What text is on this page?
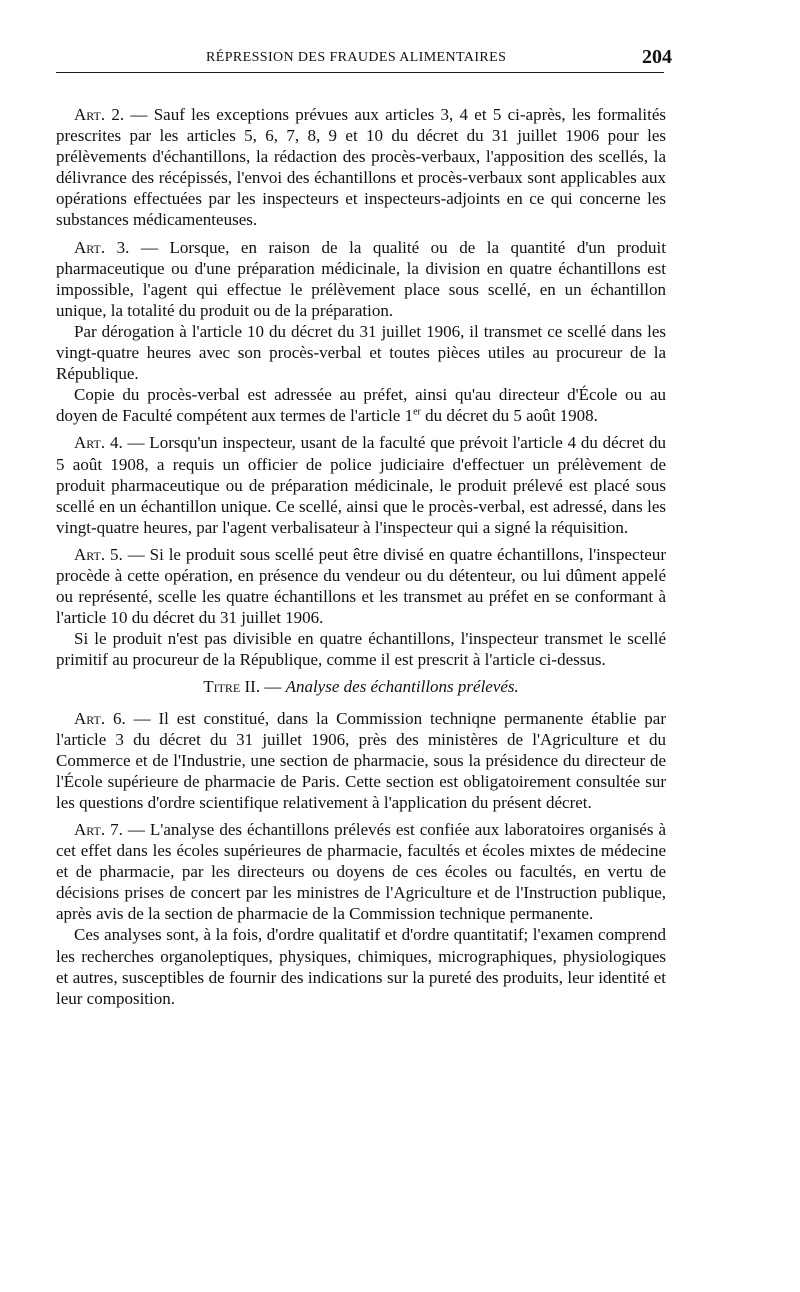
RÉPRESSION DES FRAUDES ALIMENTAIRES	204

Art. 2. — Sauf les exceptions prévues aux articles 3, 4 et 5 ci-après, les formalités prescrites par les articles 5, 6, 7, 8, 9 et 10 du décret du 31 juillet 1906 pour les prélèvements d'échantillons, la rédaction des procès-verbaux, l'apposition des scellés, la délivrance des récépissés, l'envoi des échantillons et procès-verbaux sont applicables aux opérations effectuées par les inspecteurs et inspecteurs-adjoints en ce qui concerne les substances médicamenteuses.

Art. 3. — Lorsque, en raison de la qualité ou de la quantité d'un produit pharmaceutique ou d'une préparation médicinale, la division en quatre échantillons est impossible, l'agent qui effectue le prélèvement place sous scellé, en un échantillon unique, la totalité du produit ou de la préparation.

Par dérogation à l'article 10 du décret du 31 juillet 1906, il transmet ce scellé dans les vingt-quatre heures avec son procès-verbal et toutes pièces utiles au procureur de la République.

Copie du procès-verbal est adressée au préfet, ainsi qu'au directeur d'École ou au doyen de Faculté compétent aux termes de l'article 1er du décret du 5 août 1908.

Art. 4. — Lorsqu'un inspecteur, usant de la faculté que prévoit l'article 4 du décret du 5 août 1908, a requis un officier de police judiciaire d'effectuer un prélèvement de produit pharmaceutique ou de préparation médicinale, le produit prélevé est placé sous scellé en un échantillon unique. Ce scellé, ainsi que le procès-verbal, est adressé, dans les vingt-quatre heures, par l'agent verbalisateur à l'inspecteur qui a signé la réquisition.

Art. 5. — Si le produit sous scellé peut être divisé en quatre échantillons, l'inspecteur procède à cette opération, en présence du vendeur ou du détenteur, ou lui dûment appelé ou représenté, scelle les quatre échantillons et les transmet au préfet en se conformant à l'article 10 du décret du 31 juillet 1906.

Si le produit n'est pas divisible en quatre échantillons, l'inspecteur transmet le scellé primitif au procureur de la République, comme il est prescrit à l'article ci-dessus.

Titre II. — Analyse des échantillons prélevés.

Art. 6. — Il est constitué, dans la Commission techniqne permanente établie par l'article 3 du décret du 31 juillet 1906, près des ministères de l'Agriculture et du Commerce et de l'Industrie, une section de pharmacie, sous la présidence du directeur de l'École supérieure de pharmacie de Paris. Cette section est obligatoirement consultée sur les questions d'ordre scientifique relativement à l'application du présent décret.

Art. 7. — L'analyse des échantillons prélevés est confiée aux laboratoires organisés à cet effet dans les écoles supérieures de pharmacie, facultés et écoles mixtes de médecine et de pharmacie, par les directeurs ou doyens de ces écoles ou facultés, en vertu de décisions prises de concert par les ministres de l'Agriculture et de l'Instruction publique, après avis de la section de pharmacie de la Commission technique permanente.

Ces analyses sont, à la fois, d'ordre qualitatif et d'ordre quantitatif; l'examen comprend les recherches organoleptiques, physiques, chimiques, micrographiques, physiologiques et autres, susceptibles de fournir des indications sur la pureté des produits, leur identité et leur composition.
